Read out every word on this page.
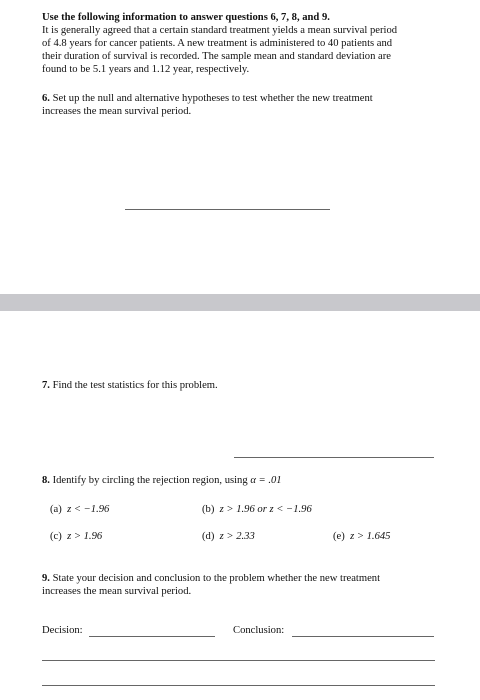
Use the following information to answer questions 6, 7, 8, and 9.
It is generally agreed that a certain standard treatment yields a mean survival period
of 4.8 years for cancer patients. A new treatment is administered to 40 patients and
their duration of survival is recorded. The sample mean and standard deviation are
found to be 5.1 years and 1.12 year, respectively.
6. Set up the null and alternative hypotheses to test whether the new treatment
increases the mean survival period.
7. Find the test statistics for this problem.
8. Identify by circling the rejection region, using α = .01
(a) z < −1.96	(b) z > 1.96 or z < −1.96
(c) z > 1.96	(d) z > 2.33	(e) z > 1.645
9. State your decision and conclusion to the problem whether the new treatment
increases the mean survival period.
Decision:	Conclusion:
